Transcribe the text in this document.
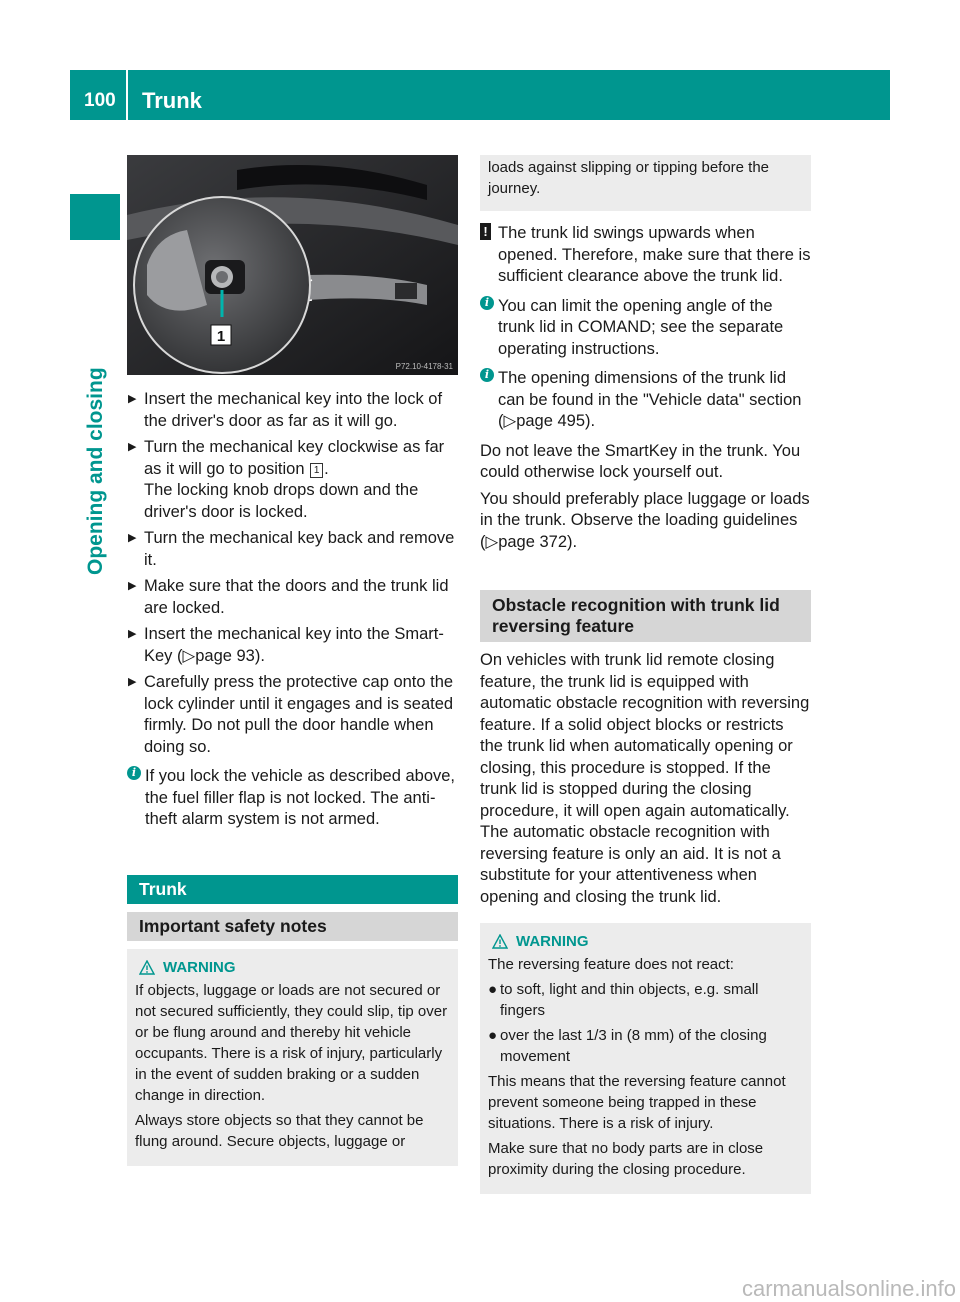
100 Trunk
Opening and closing
1
P72.10-4178-31
▶ Insert the mechanical key into the lock of the driver's door as far as it will go.
▶ Turn the mechanical key clockwise as far as it will go to position 1 .
The locking knob drops down and the driver's door is locked.
▶ Turn the mechanical key back and remove it.
▶ Make sure that the doors and the trunk lid are locked.
▶ Insert the mechanical key into the Smart-Key (▷page 93).
▶ Carefully press the protective cap onto the lock cylinder until it engages and is seated firmly. Do not pull the door handle when doing so.
i If you lock the vehicle as described above, the fuel filler flap is not locked. The anti-theft alarm system is not armed.
Trunk
Important safety notes
WARNING
If objects, luggage or loads are not secured or not secured sufficiently, they could slip, tip over or be flung around and thereby hit vehicle occupants. There is a risk of injury, particularly in the event of sudden braking or a sudden change in direction.
Always store objects so that they cannot be flung around. Secure objects, luggage or
loads against slipping or tipping before the journey.
! The trunk lid swings upwards when opened. Therefore, make sure that there is sufficient clearance above the trunk lid.
i You can limit the opening angle of the trunk lid in COMAND; see the separate operating instructions.
i The opening dimensions of the trunk lid can be found in the "Vehicle data" section (▷page 495).
Do not leave the SmartKey in the trunk. You could otherwise lock yourself out.
You should preferably place luggage or loads in the trunk. Observe the loading guidelines (▷page 372).
Obstacle recognition with trunk lid reversing feature
On vehicles with trunk lid remote closing feature, the trunk lid is equipped with automatic obstacle recognition with reversing feature. If a solid object blocks or restricts the trunk lid when automatically opening or closing, this procedure is stopped. If the trunk lid is stopped during the closing procedure, it will open again automatically. The automatic obstacle recognition with reversing feature is only an aid. It is not a substitute for your attentiveness when opening and closing the trunk lid.
WARNING
The reversing feature does not react:
● to soft, light and thin objects, e.g. small fingers
● over the last 1/3 in (8 mm) of the closing movement
This means that the reversing feature cannot prevent someone being trapped in these situations. There is a risk of injury.
Make sure that no body parts are in close proximity during the closing procedure.
carmanualsonline.info
